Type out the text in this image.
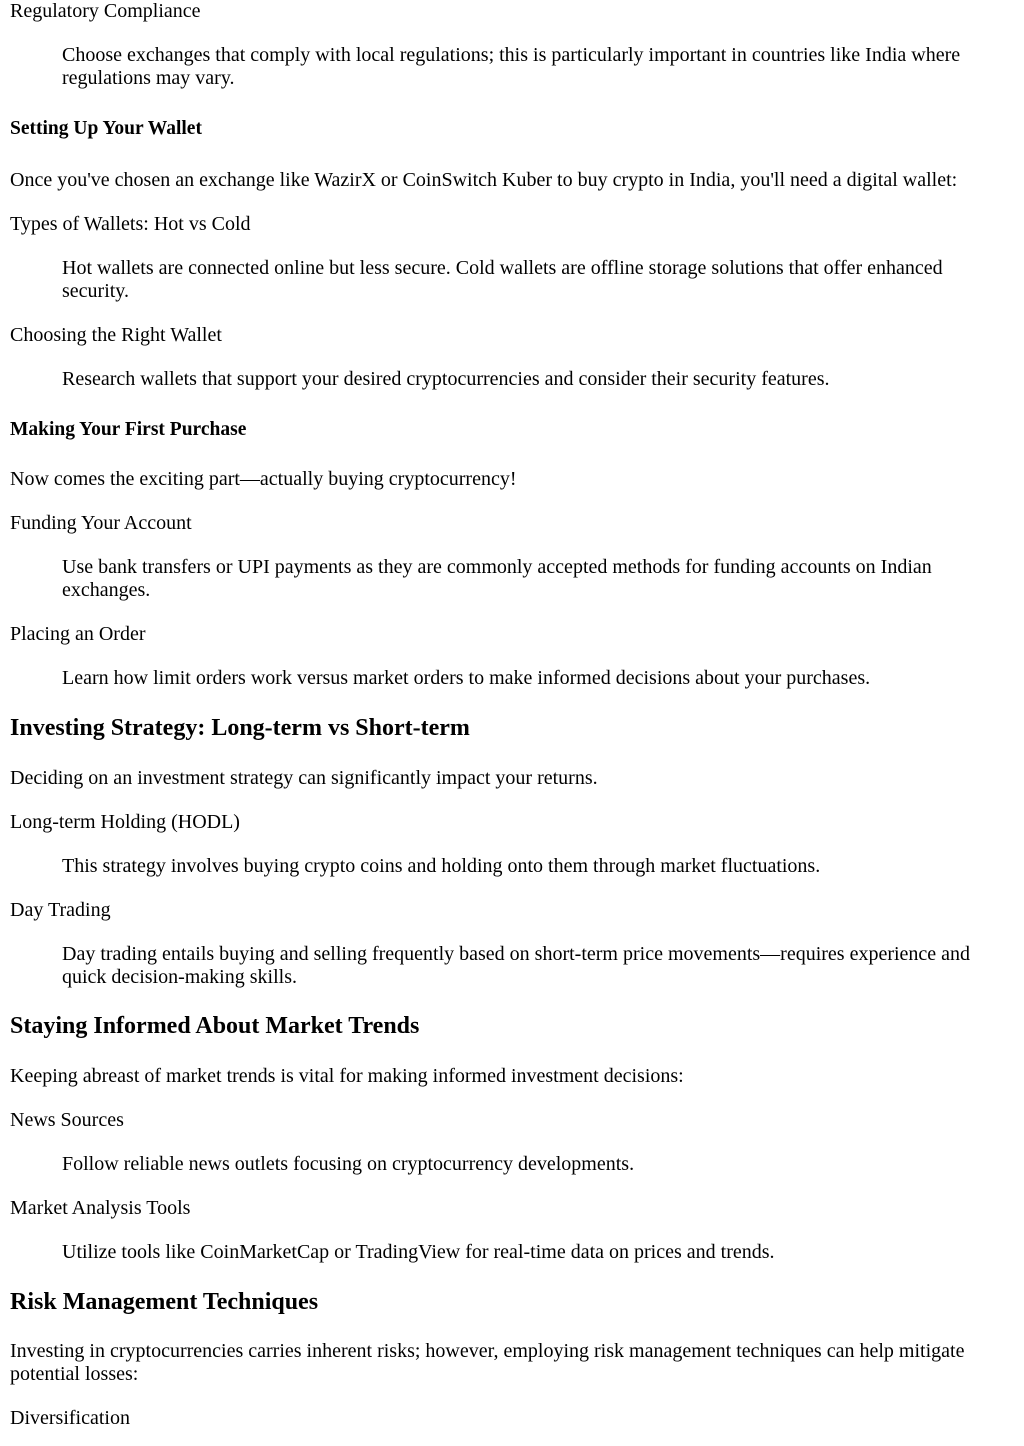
Regulatory Compliance
Choose exchanges that comply with local regulations; this is particularly important in countries like India where regulations may vary.
Setting Up Your Wallet
Once you've chosen an exchange like WazirX or CoinSwitch Kuber to buy crypto in India, you'll need a digital wallet:
Types of Wallets: Hot vs Cold
Hot wallets are connected online but less secure. Cold wallets are offline storage solutions that offer enhanced security.
Choosing the Right Wallet
Research wallets that support your desired cryptocurrencies and consider their security features.
Making Your First Purchase
Now comes the exciting part—actually buying cryptocurrency!
Funding Your Account
Use bank transfers or UPI payments as they are commonly accepted methods for funding accounts on Indian exchanges.
Placing an Order
Learn how limit orders work versus market orders to make informed decisions about your purchases.
Investing Strategy: Long-term vs Short-term
Deciding on an investment strategy can significantly impact your returns.
Long-term Holding (HODL)
This strategy involves buying crypto coins and holding onto them through market fluctuations.
Day Trading
Day trading entails buying and selling frequently based on short-term price movements—requires experience and quick decision-making skills.
Staying Informed About Market Trends
Keeping abreast of market trends is vital for making informed investment decisions:
News Sources
Follow reliable news outlets focusing on cryptocurrency developments.
Market Analysis Tools
Utilize tools like CoinMarketCap or TradingView for real-time data on prices and trends.
Risk Management Techniques
Investing in cryptocurrencies carries inherent risks; however, employing risk management techniques can help mitigate potential losses:
Diversification
